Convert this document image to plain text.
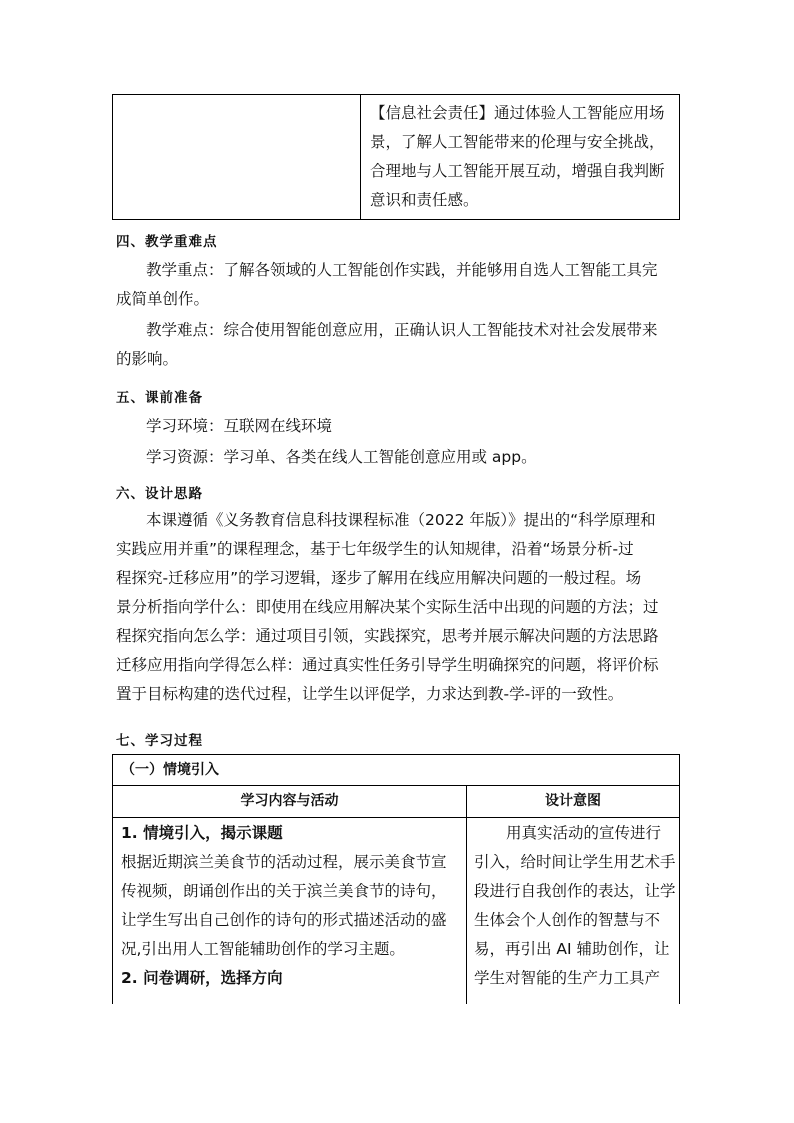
【信息社会责任】通过体验人工智能应用场
景，了解人工智能带来的伦理与安全挑战，
合理地与人工智能开展互动，增强自我判断
意识和责任感。
四、教学重难点
教学重点：了解各领域的人工智能创作实践，并能够用自选人工智能工具完
成简单创作。
教学难点：综合使用智能创意应用，正确认识人工智能技术对社会发展带来
的影响。
五、课前准备
学习环境：互联网在线环境
学习资源：学习单、各类在线人工智能创意应用或 app。
六、设计思路
本课遵循《义务教育信息科技课程标准（2022 年版）》提出的“科学原理和
实践应用并重”的课程理念，基于七年级学生的认知规律，沿着“场景分析-过
程探究-迁移应用”的学习逻辑，逐步了解用在线应用解决问题的一般过程。场
景分析指向学什么：即使用在线应用解决某个实际生活中出现的问题的方法；过
程探究指向怎么学：通过项目引领，实践探究，思考并展示解决问题的方法思路
迁移应用指向学得怎么样：通过真实性任务引导学生明确探究的问题，将评价标
置于目标构建的迭代过程，让学生以评促学，力求达到教-学-评的一致性。
七、学习过程
（一）情境引入
学习内容与活动	设计意图
1. 情境引入，揭示课题
根据近期滨兰美食节的活动过程，展示美食节宣
传视频，朗诵创作出的关于滨兰美食节的诗句，
让学生写出自己创作的诗句的形式描述活动的盛
况,引出用人工智能辅助创作的学习主题。
2. 问卷调研，选择方向
用真实活动的宣传进行
引入，给时间让学生用艺术手
段进行自我创作的表达，让学
生体会个人创作的智慧与不
易，再引出 AI 辅助创作，让
学生对智能的生产力工具产
